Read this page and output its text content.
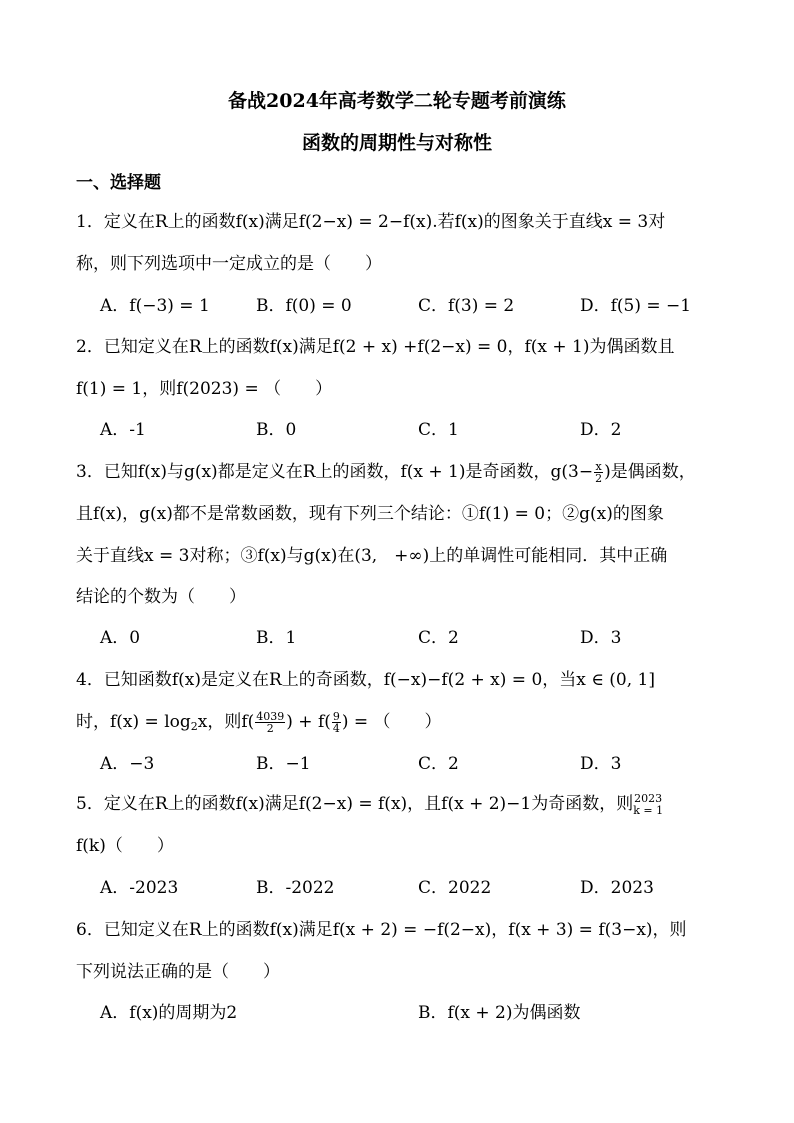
备战2024年高考数学二轮专题考前演练
函数的周期性与对称性
一、选择题
1．定义在R上的函数f(x)满足f(2−x) = 2−f(x).若f(x)的图象关于直线x = 3对
称，则下列选项中一定成立的是（　　）
A．f(−3) = 1	B．f(0) = 0	C．f(3) = 2	D．f(5) = −1
2．已知定义在R上的函数f(x)满足f(2 + x) +f(2−x) = 0，f(x + 1)为偶函数且
f(1) = 1，则f(2023) = （　　）
A．-1	B．0	C．1	D．2
3．已知f(x)与g(x)都是定义在R上的函数，f(x + 1)是奇函数，$g(3- \frac{x}{2}$ )是偶函数，
且f(x)，g(x)都不是常数函数，现有下列三个结论：①f(1) = 0；②g(x)的图象
关于直线x = 3对称；③f(x)与g(x)在(3,　+∞)上的单调性可能相同．其中正确
结论的个数为（　　）
A．0	B．1	C．2	D．3
4．已知函数f(x)是定义在R上的奇函数，f(−x)−f(2 + x) = 0，当x ∈ (0, 1]
时，$f(x) = \log_2x$，则$f( \frac{4039}{2}$ ) + $f( \frac{9}{4}$ ) = （　　）
A．−3	B．−1	C．2	D．3
5．定义在R上的函数f(x)满足f(2−x) = f(x)，且f(x + 2)−1为奇函数，则 2023
k = 1
f(k)（　　）
A．-2023	B．-2022	C．2022	D．2023
6．已知定义在R上的函数f(x)满足f(x + 2) = −f(2−x)，f(x + 3) = f(3−x)，则
下列说法正确的是（　　）
A．f(x)的周期为2	B．f(x + 2)为偶函数
